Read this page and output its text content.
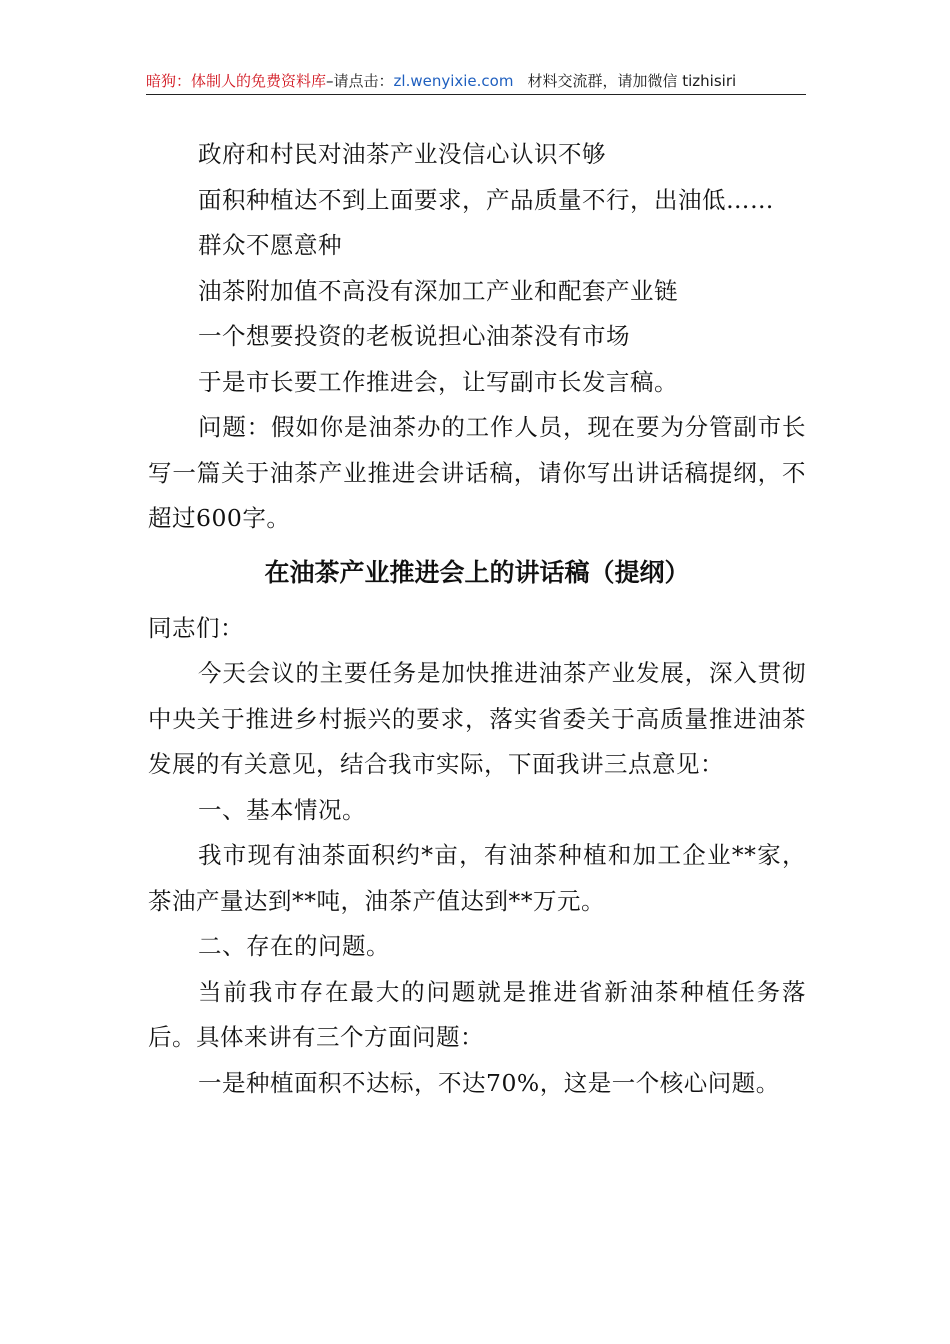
暗狗：体制人的免费资料库–请点击：zl.wenyixie.com 材料交流群，请加微信 tizhisiri

政府和村民对油茶产业没信心认识不够

面积种植达不到上面要求，产品质量不行，出油低……

群众不愿意种

油茶附加值不高没有深加工产业和配套产业链

一个想要投资的老板说担心油茶没有市场

于是市长要工作推进会，让写副市长发言稿。

问题：假如你是油茶办的工作人员，现在要为分管副市长写一篇关于油茶产业推进会讲话稿，请你写出讲话稿提纲，不超过600字。

在油茶产业推进会上的讲话稿（提纲）

同志们：

今天会议的主要任务是加快推进油茶产业发展，深入贯彻中央关于推进乡村振兴的要求，落实省委关于高质量推进油茶发展的有关意见，结合我市实际，下面我讲三点意见：

一、基本情况。

我市现有油茶面积约*亩，有油茶种植和加工企业**家，茶油产量达到**吨，油茶产值达到**万元。

二、存在的问题。

当前我市存在最大的问题就是推进省新油茶种植任务落后。具体来讲有三个方面问题：

一是种植面积不达标，不达70%，这是一个核心问题。
